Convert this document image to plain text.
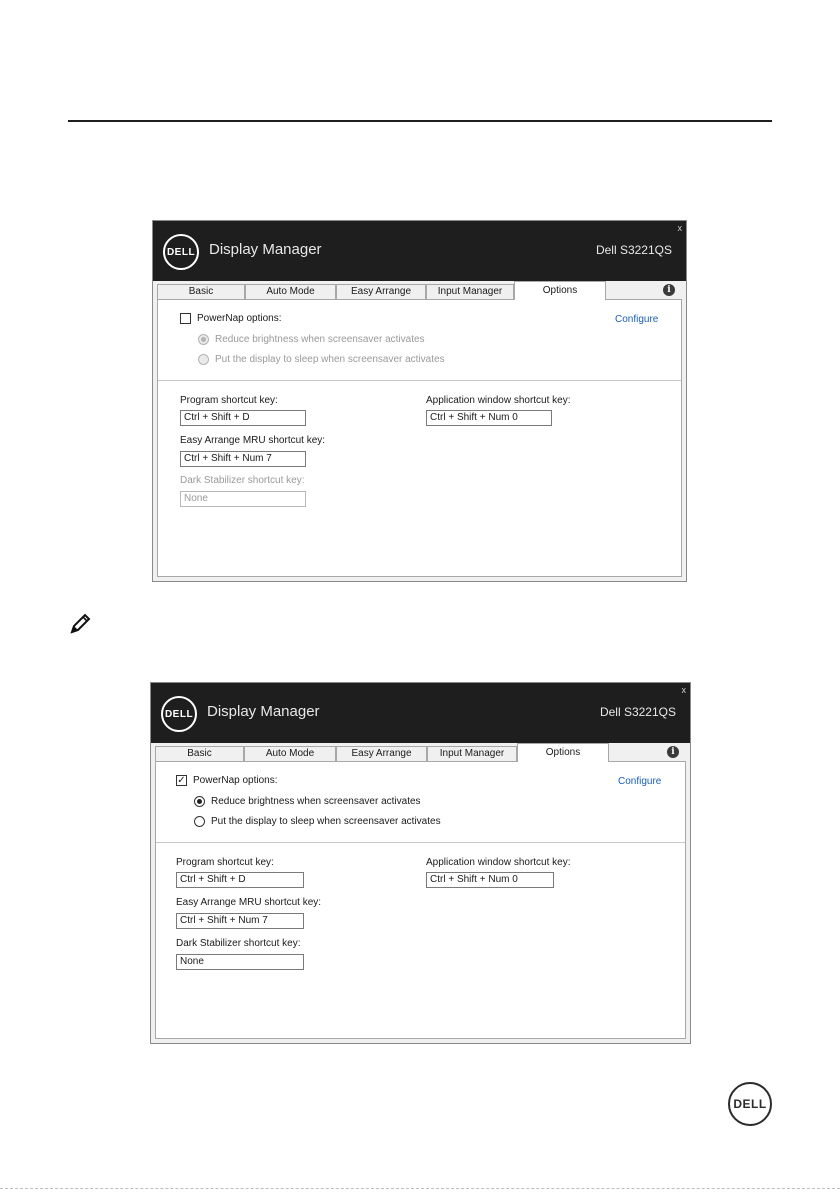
DELL Display Manager	Dell S3221QS
x
Basic	Auto Mode	Easy Arrange	Input Manager	Options	i
PowerNap options:	Configure
Reduce brightness when screensaver activates
Put the display to sleep when screensaver activates
Program shortcut key:
Ctrl + Shift + D
Application window shortcut key:
Ctrl + Shift + Num 0
Easy Arrange MRU shortcut key:
Ctrl + Shift + Num 7
Dark Stabilizer shortcut key:
None
DELL Display Manager	Dell S3221QS
x
Basic	Auto Mode	Easy Arrange	Input Manager	Options	i
✓ PowerNap options:	Configure
Reduce brightness when screensaver activates
Put the display to sleep when screensaver activates
Program shortcut key:
Ctrl + Shift + D
Application window shortcut key:
Ctrl + Shift + Num 0
Easy Arrange MRU shortcut key:
Ctrl + Shift + Num 7
Dark Stabilizer shortcut key:
None
DELL
